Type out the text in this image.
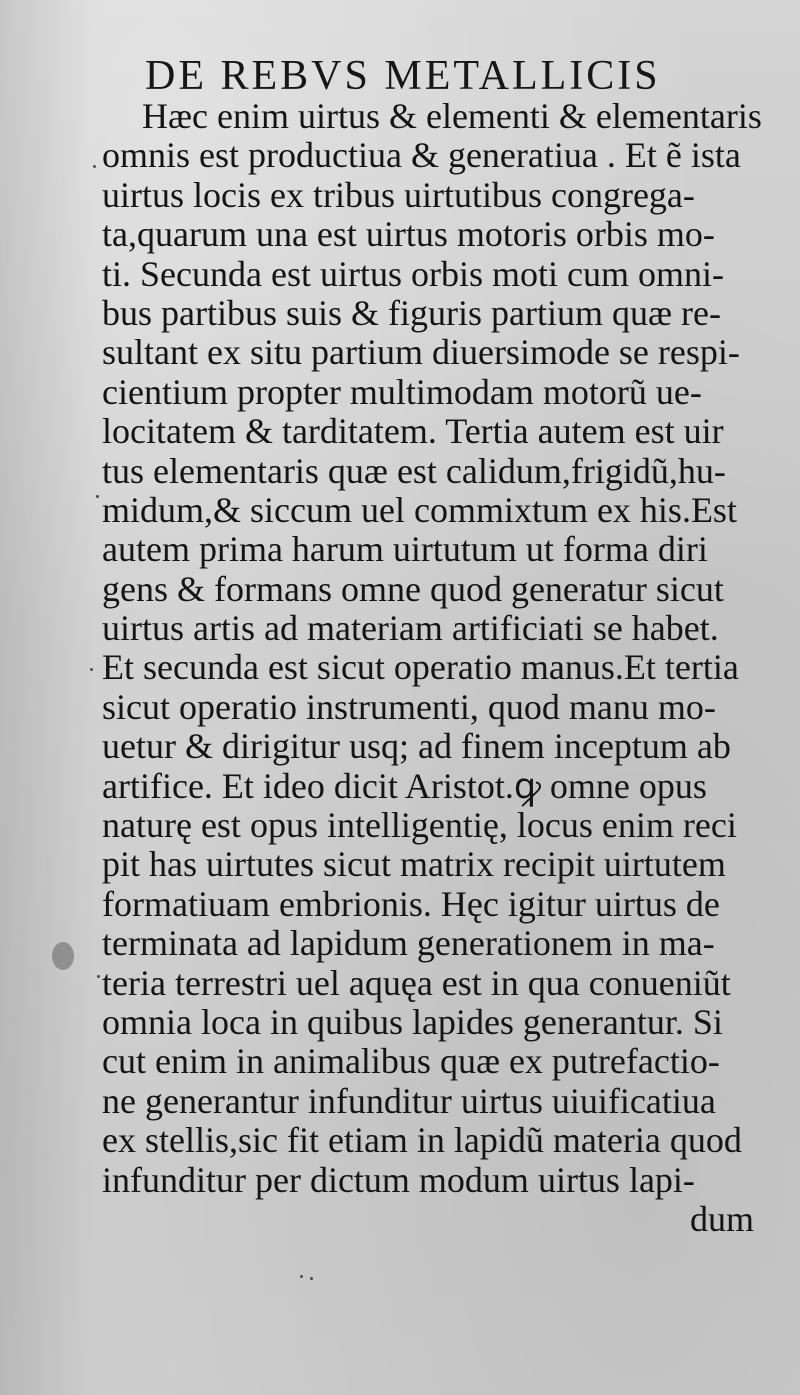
DE REBVS METALLICIS
Hæc enim uirtus & elementi & elementaris
omnis est productiua & generatiua . Et ẽ ista
uirtus locis ex tribus uirtutibus congrega-
ta,quarum una est uirtus motoris orbis mo-
ti. Secunda est uirtus orbis moti cum omni-
bus partibus suis & figuris partium quæ re-
sultant ex situ partium diuersimode se respi-
cientium propter multimodam motorũ ue-
locitatem & tarditatem. Tertia autem est uir
tus elementaris quæ est calidum,frigidũ,hu-
midum,& siccum uel commixtum ex his.Est
autem prima harum uirtutum ut forma diri
gens & formans omne quod generatur sicut
uirtus artis ad materiam artificiati se habet.
Et secunda est sicut operatio manus.Et tertia
sicut operatio instrumenti, quod manu mo-
uetur & dirigitur usq; ad finem inceptum ab
artifice. Et ideo dicit Aristot.ꝙ omne opus
naturę est opus intelligentię, locus enim reci
pit has uirtutes sicut matrix recipit uirtutem
formatiuam embrionis. Hęc igitur uirtus de
terminata ad lapidum generationem in ma-
teria terrestri uel aquęa est in qua conueniũt
omnia loca in quibus lapides generantur. Si
cut enim in animalibus quæ ex putrefactio-
ne generantur infunditur uirtus uiuificatiua
ex stellis,sic fit etiam in lapidũ materia quod
infunditur per dictum modum uirtus lapi-
dum
